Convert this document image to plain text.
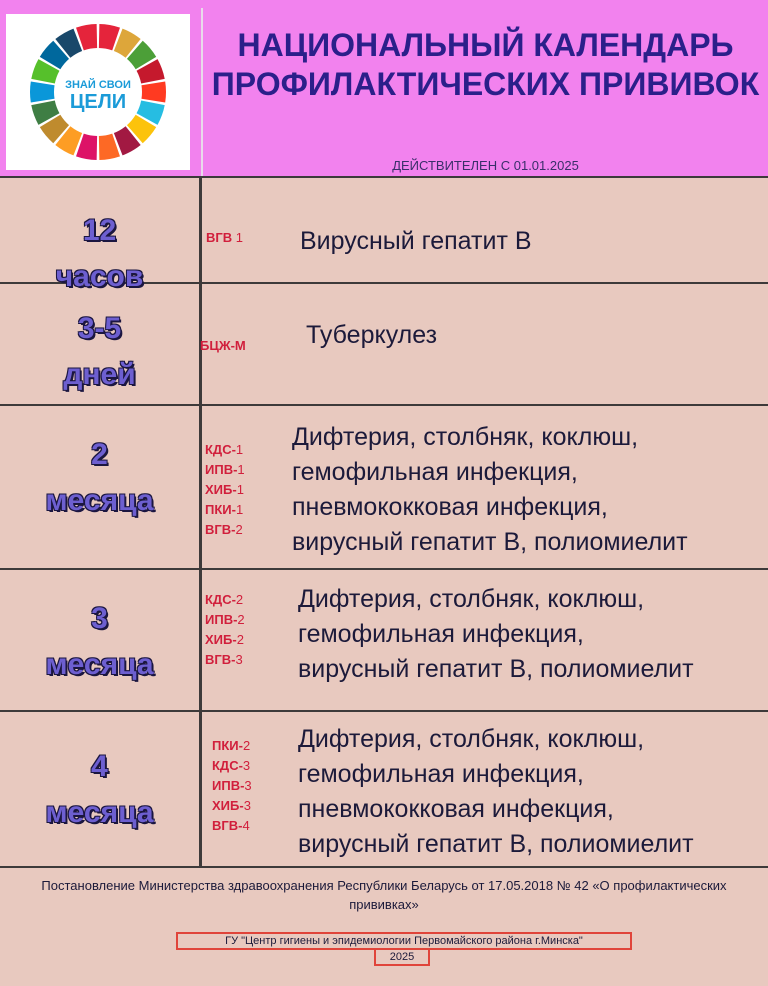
ЗНАЙ СВОИ
ЦЕЛИ
НАЦИОНАЛЬНЫЙ КАЛЕНДАРЬ ПРОФИЛАКТИЧЕСКИХ ПРИВИВОК
ДЕЙСТВИТЕЛЕН С 01.01.2025
12
часов
ВГВ 1	Вирусный гепатит В
3-5
дней
БЦЖ-М	Туберкулез
2
месяца
КДС-1
ИПВ-1
ХИБ-1
ПКИ-1
ВГВ-2
Дифтерия, столбняк, коклюш,
гемофильная инфекция,
пневмококковая инфекция,
вирусный гепатит В, полиомиелит
3
месяца
КДС-2
ИПВ-2
ХИБ-2
ВГВ-3
Дифтерия, столбняк, коклюш,
гемофильная инфекция,
вирусный гепатит В, полиомиелит
4
месяца
ПКИ-2
КДС-3
ИПВ-3
ХИБ-3
ВГВ-4
Дифтерия, столбняк, коклюш,
гемофильная инфекция,
пневмококковая инфекция,
вирусный гепатит В, полиомиелит
Постановление Министерства здравоохранения Республики Беларусь от 17.05.2018 № 42 «О профилактических прививках»
ГУ "Центр гигиены и эпидемиологии Первомайского района г.Минска"
2025
